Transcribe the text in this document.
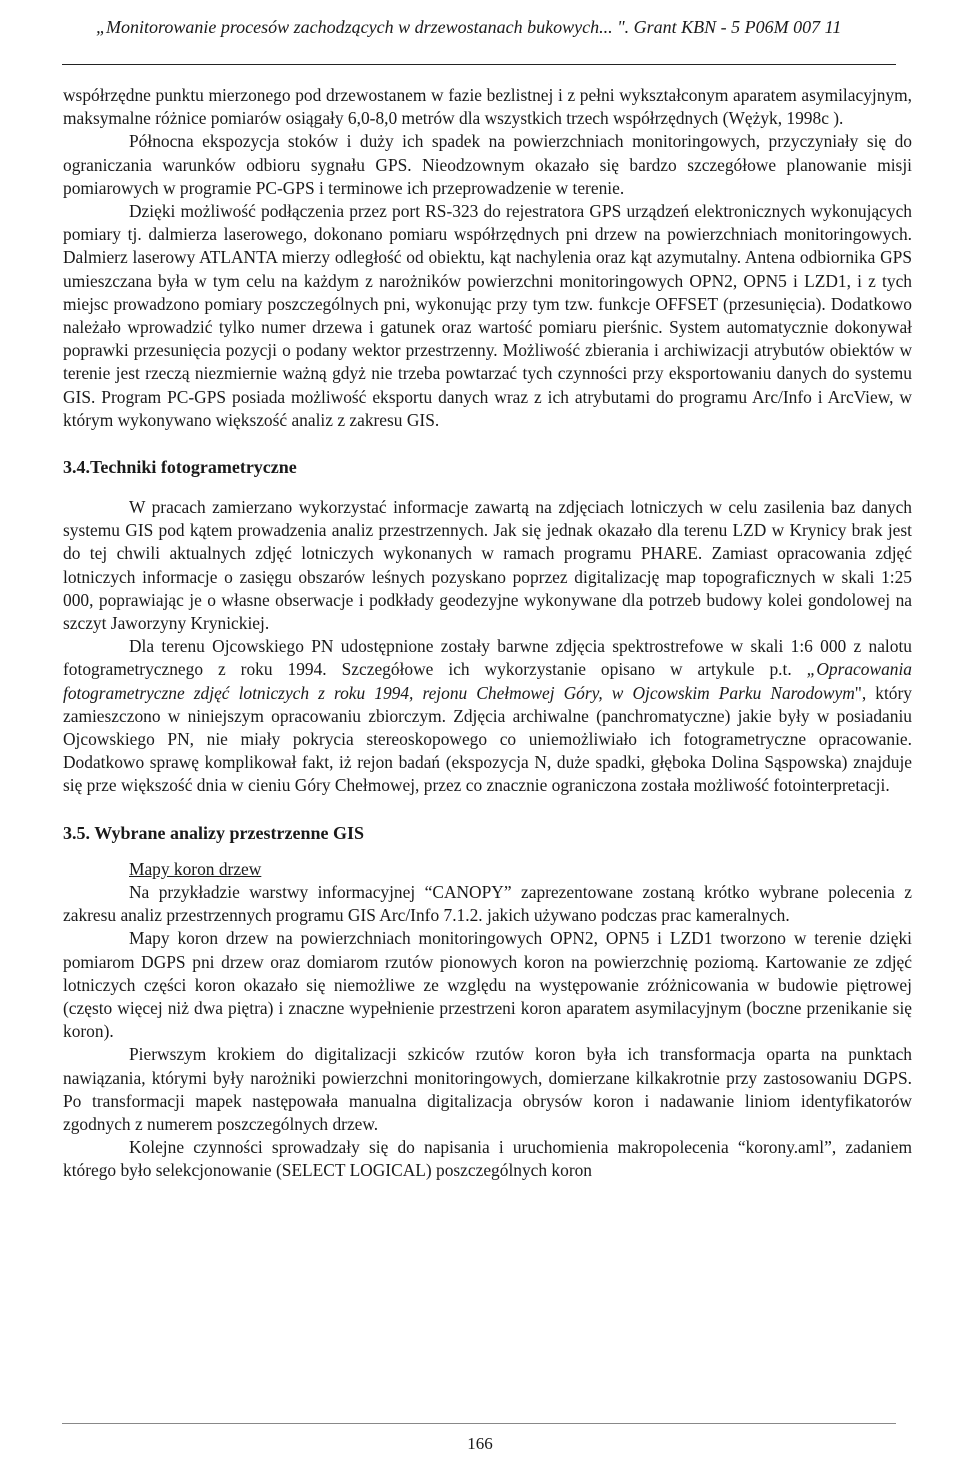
„Monitorowanie procesów zachodzących w drzewostanach bukowych... ". Grant KBN - 5 P06M 007 11

współrzędne punktu mierzonego pod drzewostanem w fazie bezlistnej i z pełni wykształconym aparatem asymilacyjnym, maksymalne różnice pomiarów osiągały 6,0-8,0 metrów dla wszystkich trzech współrzędnych (Wężyk, 1998c ).

Północna ekspozycja stoków i duży ich spadek na powierzchniach monitoringowych, przyczyniały się do ograniczania warunków odbioru sygnału GPS. Nieodzownym okazało się bardzo szczegółowe planowanie misji pomiarowych w programie PC-GPS i terminowe ich przeprowadzenie w terenie.

Dzięki możliwość podłączenia przez port RS-323 do rejestratora GPS urządzeń elektronicznych wykonujących pomiary tj. dalmierza laserowego, dokonano pomiaru współrzędnych pni drzew na powierzchniach monitoringowych. Dalmierz laserowy ATLANTA mierzy odległość od obiektu, kąt nachylenia oraz kąt azymutalny. Antena odbiornika GPS umieszczana była w tym celu na każdym z narożników powierzchni monitoringowych OPN2, OPN5 i LZD1, i z tych miejsc prowadzono pomiary poszczególnych pni, wykonując przy tym tzw. funkcje OFFSET (przesunięcia). Dodatkowo należało wprowadzić tylko numer drzewa i gatunek oraz wartość pomiaru pierśnic. System automatycznie dokonywał poprawki przesunięcia pozycji o podany wektor przestrzenny. Możliwość zbierania i archiwizacji atrybutów obiektów w terenie jest rzeczą niezmiernie ważną gdyż nie trzeba powtarzać tych czynności przy eksportowaniu danych do systemu GIS. Program PC-GPS posiada możliwość eksportu danych wraz z ich atrybutami do programu Arc/Info i ArcView, w którym wykonywano większość analiz z zakresu GIS.

3.4.Techniki fotogrametryczne

W pracach zamierzano wykorzystać informacje zawartą na zdjęciach lotniczych w celu zasilenia baz danych systemu GIS pod kątem prowadzenia analiz przestrzennych. Jak się jednak okazało dla terenu LZD w Krynicy brak jest do tej chwili aktualnych zdjęć lotniczych wykonanych w ramach programu PHARE. Zamiast opracowania zdjęć lotniczych informacje o zasięgu obszarów leśnych pozyskano poprzez digitalizację map topograficznych w skali 1:25 000, poprawiając je o własne obserwacje i podkłady geodezyjne wykonywane dla potrzeb budowy kolei gondolowej na szczyt Jaworzyny Krynickiej.

Dla terenu Ojcowskiego PN udostępnione zostały barwne zdjęcia spektrostrefowe w skali 1:6 000 z nalotu fotogrametrycznego z roku 1994. Szczegółowe ich wykorzystanie opisano w artykule p.t. „Opracowania fotogrametryczne zdjęć lotniczych z roku 1994, rejonu Chełmowej Góry, w Ojcowskim Parku Narodowym", który zamieszczono w niniejszym opracowaniu zbiorczym. Zdjęcia archiwalne (panchromatyczne) jakie były w posiadaniu Ojcowskiego PN, nie miały pokrycia stereoskopowego co uniemożliwiało ich fotogrametryczne opracowanie. Dodatkowo sprawę komplikował fakt, iż rejon badań (ekspozycja N, duże spadki, głęboka Dolina Sąspowska) znajduje się prze większość dnia w cieniu Góry Chełmowej, przez co znacznie ograniczona została możliwość fotointerpretacji.

3.5. Wybrane analizy przestrzenne GIS
Mapy koron drzew

Na przykładzie warstwy informacyjnej “CANOPY” zaprezentowane zostaną krótko wybrane polecenia z zakresu analiz przestrzennych programu GIS Arc/Info 7.1.2. jakich używano podczas prac kameralnych.

Mapy koron drzew na powierzchniach monitoringowych OPN2, OPN5 i LZD1 tworzono w terenie dzięki pomiarom DGPS pni drzew oraz domiarom rzutów pionowych koron na powierzchnię poziomą. Kartowanie ze zdjęć lotniczych części koron okazało się niemożliwe ze względu na występowanie zróżnicowania w budowie piętrowej (często więcej niż dwa piętra) i znaczne wypełnienie przestrzeni koron aparatem asymilacyjnym (boczne przenikanie się koron).

Pierwszym krokiem do digitalizacji szkiców rzutów koron była ich transformacja oparta na punktach nawiązania, którymi były narożniki powierzchni monitoringowych, domierzane kilkakrotnie przy zastosowaniu DGPS. Po transformacji mapek następowała manualna digitalizacja obrysów koron i nadawanie liniom identyfikatorów zgodnych z numerem poszczególnych drzew.

Kolejne czynności sprowadzały się do napisania i uruchomienia makropolecenia “korony.aml”, zadaniem którego było selekcjonowanie (SELECT LOGICAL) poszczególnych koron

166
